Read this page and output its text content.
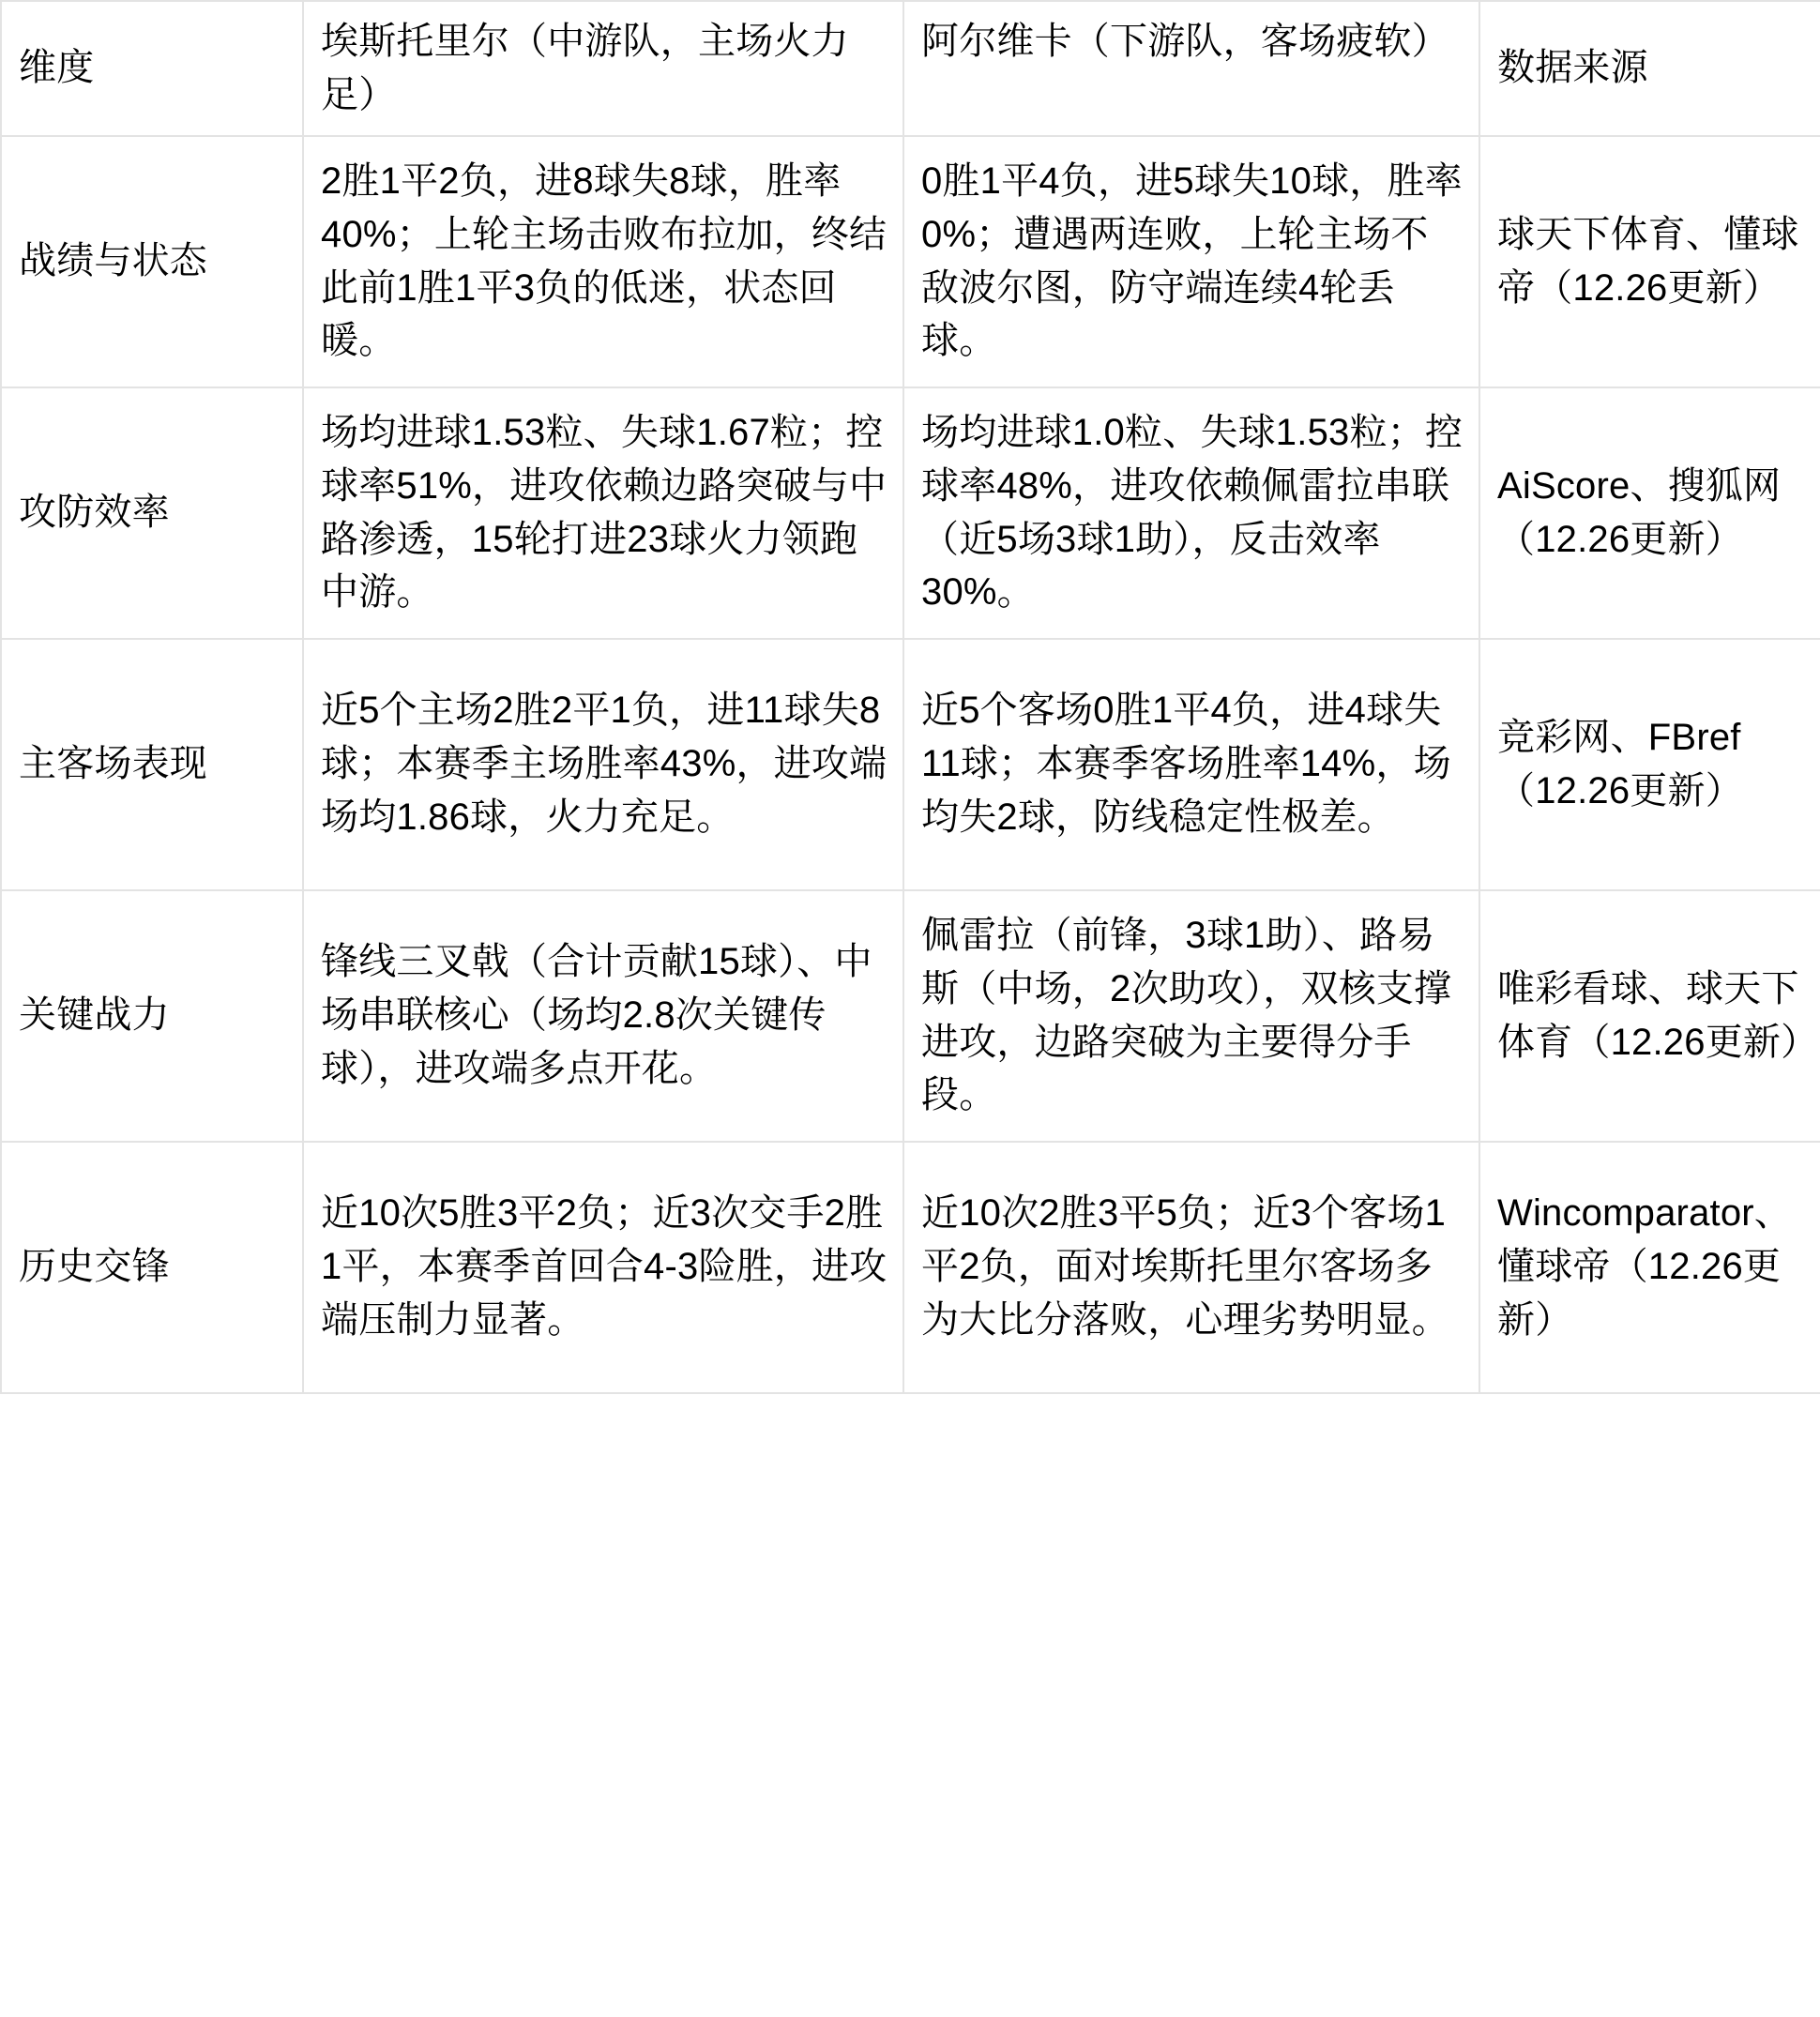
维度	埃斯托里尔（中游队，主场火力足）	阿尔维卡（下游队，客场疲软）	数据来源
战绩与状态	2胜1平2负，进8球失8球，胜率40%；上轮主场击败布拉加，终结此前1胜1平3负的低迷，状态回暖。	0胜1平4负，进5球失10球，胜率0%；遭遇两连败，上轮主场不敌波尔图，防守端连续4轮丢球。	球天下体育、懂球帝（12.26更新）
攻防效率	场均进球1.53粒、失球1.67粒；控球率51%，进攻依赖边路突破与中路渗透，15轮打进23球火力领跑中游。	场均进球1.0粒、失球1.53粒；控球率48%，进攻依赖佩雷拉串联（近5场3球1助），反击效率30%。	AiScore、搜狐网（12.26更新）
主客场表现	近5个主场2胜2平1负，进11球失8球；本赛季主场胜率43%，进攻端场均1.86球，火力充足。	近5个客场0胜1平4负，进4球失11球；本赛季客场胜率14%，场均失2球，防线稳定性极差。	竞彩网、FBref（12.26更新）
关键战力	锋线三叉戟（合计贡献15球）、中场串联核心（场均2.8次关键传球），进攻端多点开花。	佩雷拉（前锋，3球1助）、路易斯（中场，2次助攻），双核支撑进攻，边路突破为主要得分手段。	唯彩看球、球天下体育（12.26更新）
历史交锋	近10次5胜3平2负；近3次交手2胜1平，本赛季首回合4-3险胜，进攻端压制力显著。	近10次2胜3平5负；近3个客场1平2负，面对埃斯托里尔客场多为大比分落败，心理劣势明显。	Wincomparator、懂球帝（12.26更新）
